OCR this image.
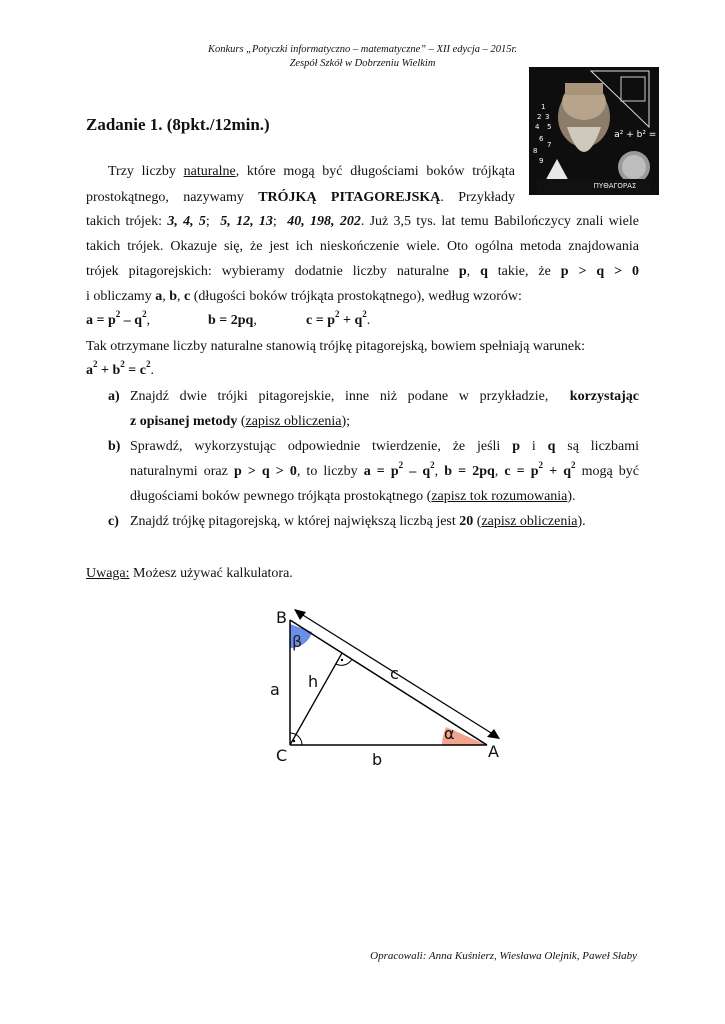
Konkurs „Potyczki informatyczno – matematyczne” – XII edycja – 2015r.
Zespół Szkół w Dobrzeniu Wielkim
ΠΥΘΑΓΟΡΑΣ
a² + b² = c²
1
2 3
4 5
6
7
8
9
Zadanie 1. (8pkt./12min.)
Trzy liczby naturalne, które mogą być długościami boków trójkąta
prostokątnego, nazywamy TRÓJKĄ PITAGOREJSKĄ. Przykłady
takich trójek: 3, 4, 5;  5, 12, 13;  40, 198, 202. Już 3,5 tys. lat temu Babilończycy znali wiele
takich trójek. Okazuje się, że jest ich nieskończenie wiele. Oto ogólna metoda znajdowania
trójek pitagorejskich: wybieramy dodatnie liczby naturalne p, q takie, że p > q > 0
i obliczamy a, b, c (długości boków trójkąta prostokątnego), według wzorów:
$a = p^2 - q^2$,	b = 2pq,	$c = p^2 + q^2$.
Tak otrzymane liczby naturalne stanowią trójkę pitagorejską, bowiem spełniają warunek:
$a^2 + b^2 = c^2$.
a) Znajdź dwie trójki pitagorejskie, inne niż podane w przykładzie,  korzystając
z opisanej metody (zapisz obliczenia);
b) Sprawdź, wykorzystując odpowiednie twierdzenie, że jeśli p i q są liczbami
naturalnymi oraz p > q > 0, to liczby $a = p^2 - q^2$, b = 2pq, $c = p^2 + q^2$ mogą być
długościami boków pewnego trójkąta prostokątnego (zapisz tok rozumowania).
c) Znajdź trójkę pitagorejską, w której największą liczbą jest 20 (zapisz obliczenia).
Uwaga: Możesz używać kalkulatora.
B
β
a h	c
α
C	b	A
Opracowali: Anna Kuśnierz, Wiesława Olejnik, Paweł Słaby
